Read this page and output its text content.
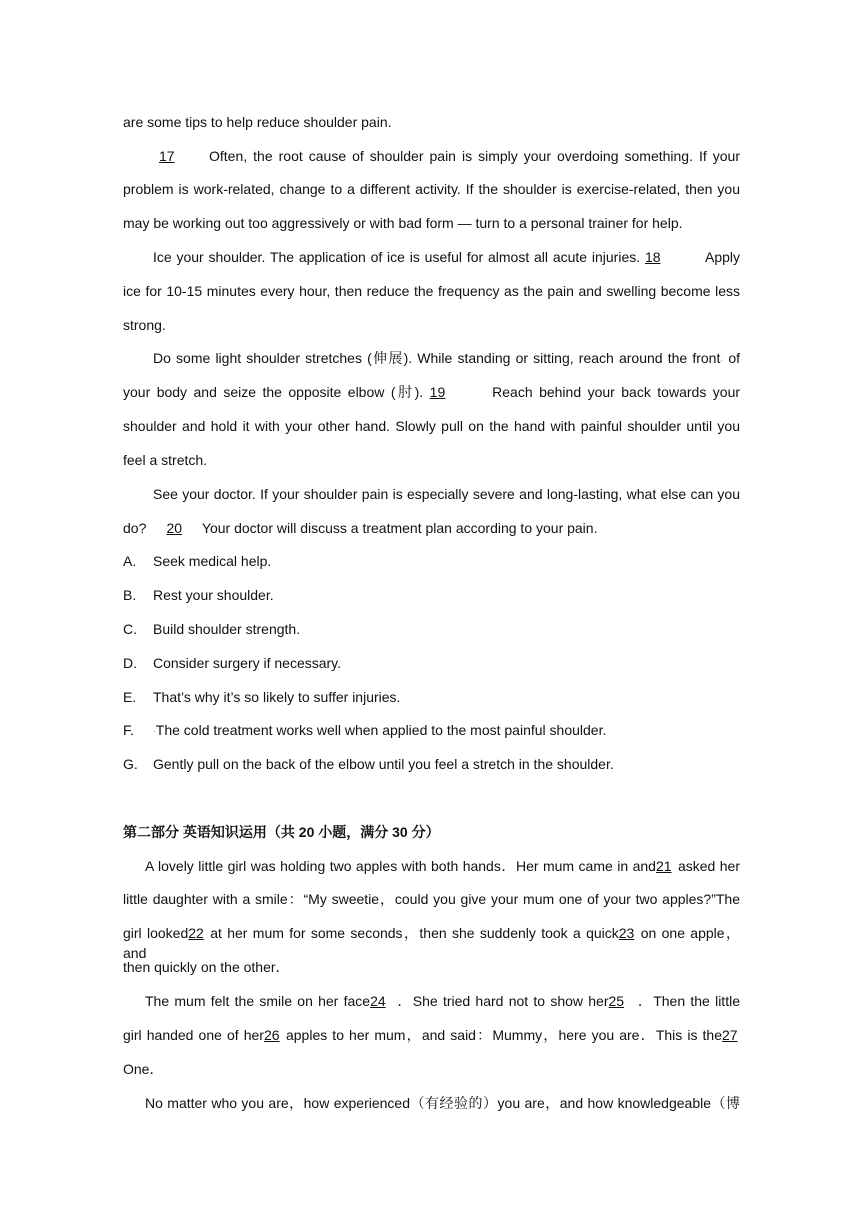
are some tips to help reduce shoulder pain.
17 Often, the root cause of shoulder pain is simply your overdoing something. If your
problem is work-related, change to a different activity. If the shoulder is exercise-related, then you
may be working out too aggressively or with bad form — turn to a personal trainer for help.
Ice your shoulder. The application of ice is useful for almost all acute injuries. 18	Apply
ice for 10-15 minutes every hour, then reduce the frequency as the pain and swelling become less
strong.
Do some light shoulder stretches (伸展). While standing or sitting, reach around the front. of
your body and seize the opposite elbow (肘). 19	Reach behind your back towards your
shoulder and hold it with your other hand. Slowly pull on the hand with painful shoulder until you
feel a stretch.
See your doctor. If your shoulder pain is especially severe and long-lasting, what else can you
do? 20 Your doctor will discuss a treatment plan according to your pain.
A. Seek medical help.
B. Rest your shoulder.
C. Build shoulder strength.
D. Consider surgery if necessary.
E. That’s why it’s so likely to suffer injuries.
F. .The cold treatment works well when applied to the most painful shoulder.
G. Gently pull on the back of the elbow until you feel a stretch in the shoulder.
第二部分 英语知识运用（共 20 小题，满分 30 分）
A lovely little girl was holding two apples with both hands．Her mum came in and21 asked her
little daughter with a smile：“My sweetie，could you give your mum one of your two apples?”The
girl looked22 at her mum for some seconds，then she suddenly took a quick23 on one apple，and
then quickly on the other．
The mum felt the smile on her face24 ．She tried hard not to show her25 ．Then the little
girl handed one of her26 apples to her mum，and said：Mummy，here you are．This is the27
One．
No matter who you are，how experienced（有经验的）you are，and how knowledgeable（博
